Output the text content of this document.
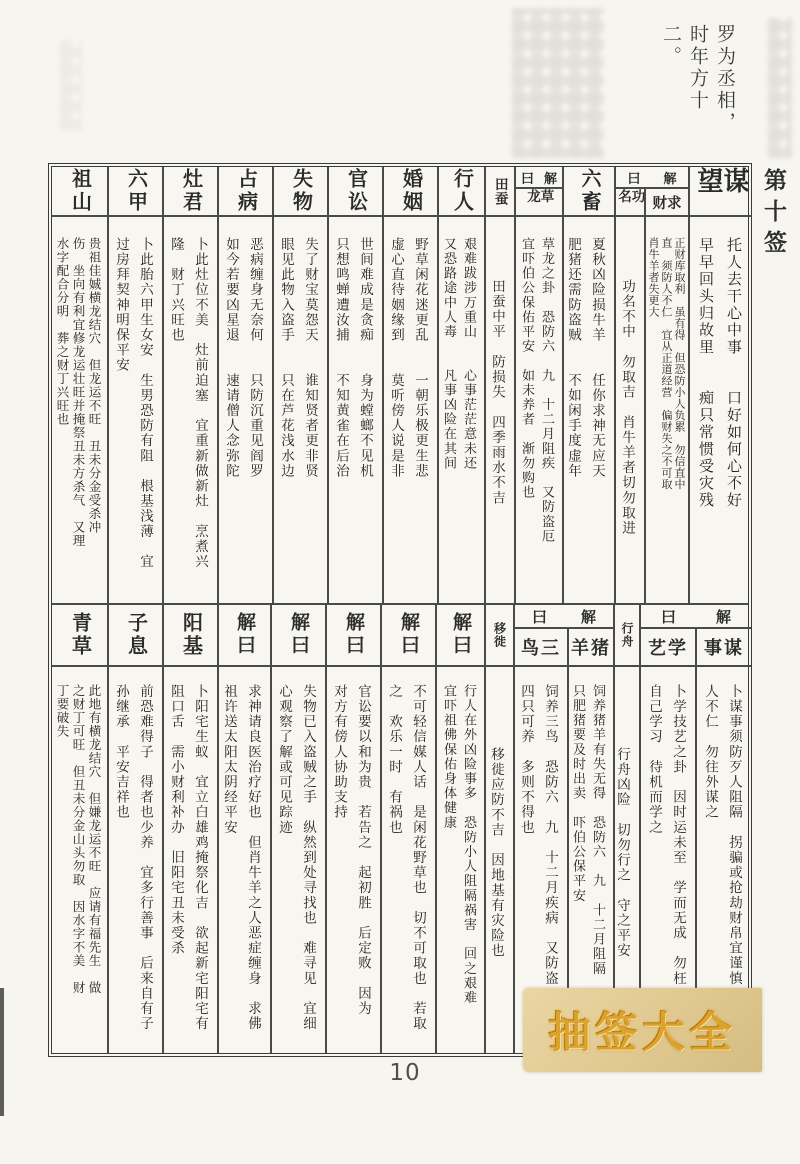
罗为丞相，
时年方十
二。
第十签
祖山
贵祖佳娍横龙结穴　但龙运不旺　丑未分金受杀冲
伤　坐向有利宜修龙运壮旺并掩祭丑未方杀气　又理
水字配合分明　葬之财丁兴旺也
六甲
卜此胎六甲生女安　生男恐防有阻　根基浅薄　宜
过房拜契神明保平安
灶君
卜此灶位不美　灶前迫塞　宜重新做新灶　烹煮兴
隆　财丁兴旺也
占病
恶病缠身无奈何　　只防沉重见阎罗
如今若要凶星退　　速请僧人念弥陀
失物
失了财宝莫怨天　　谁知贤者更非贤
眼见此物入盗手　　只在芦花浅水边
官讼
世间难成是贪痴　　身为螳螂不见机
只想鸣蝉遭汝捕　　不知黄雀在后治
婚姻
野草闲花迷更乱　　一朝乐极更生悲
虚心直待姻缘到　　莫听傍人说是非
行人
艰难跋涉万重山　　心事茫茫意未还
又恐路途中人毒　　凡事凶险在其间
田蚕
田蚕中平　防损失　四季雨水不吉
曰 解
草龙
草龙之卦　恐防六　九　十二月阻疾　又防盗厄
宜吓伯公保佑平安　如未养者　渐勿购也
六畜
夏秋凶险损牛羊　　任你求神无应天
肥猪还需防盗贼　　不如闲手度虚年
曰 解
功名
功名不中　勿取吉　肖牛羊者切勿取进
财求
正财库取利　虽有得　但恐防小人负累　勿信直中
直　须防人不仁　宜从正道经营　偏财失之不可取
肖牛羊者失更大
谋望
托人去干心中事　　口好如何心不好
早早回头归故里　　痴只常惯受灾残
青草
此地有横龙结穴　但嫌龙运不旺　应请有福先生　做
之财丁可旺　但丑未分金山头勿取　因水字不美　财
丁要破失
子息
前恐难得子　得者也少养　宜多行善事　后来自有子
孙继承　平安吉祥也
阳基
卜阳宅生蚁　宜立白雄鸡掩祭化吉　欲起新宅阳宅有
阻口舌　需小财利补办　旧阳宅丑未受杀
解曰
求神请良医治疗好也　但肖牛羊之人恶症缠身　求佛
祖许送太阳太阴经平安
解曰
失物已入盗贼之手　纵然到处寻找也　难寻见　宜细
心观察了解或可见踪迹
解曰
官讼要以和为贵　若告之　起初胜　后定败　因为
对方有傍人协助支持
解曰
不可轻信媒人话　是闲花野草也　切不可取也　若取
之　欢乐一时　有祸也
解曰
行人在外凶险事多　恐防小人阻隔祸害　回之艰难
宜吓祖佛保佑身体健康
移徙
移徙应防不吉　因地基有灾险也
曰 解
鸟三
饲养三鸟　恐防六　九　十二月疾病　又防盗
四只可养　多则不得也
羊猪
饲养猪羊有失无得　恐防六　九　十二月阻隔
只肥猪要及时出卖　吓伯公保平安
行舟
行舟凶险　切勿行之　守之平安
曰	解
艺学
卜学技艺之卦　因时运未至　学而无成　勿枉
自己学习　待机而学之
事谋
卜谋事须防歹人阻隔　拐骗或抢劫财帛宜谨慎
人不仁　勿往外谋之
抽签大全
10
